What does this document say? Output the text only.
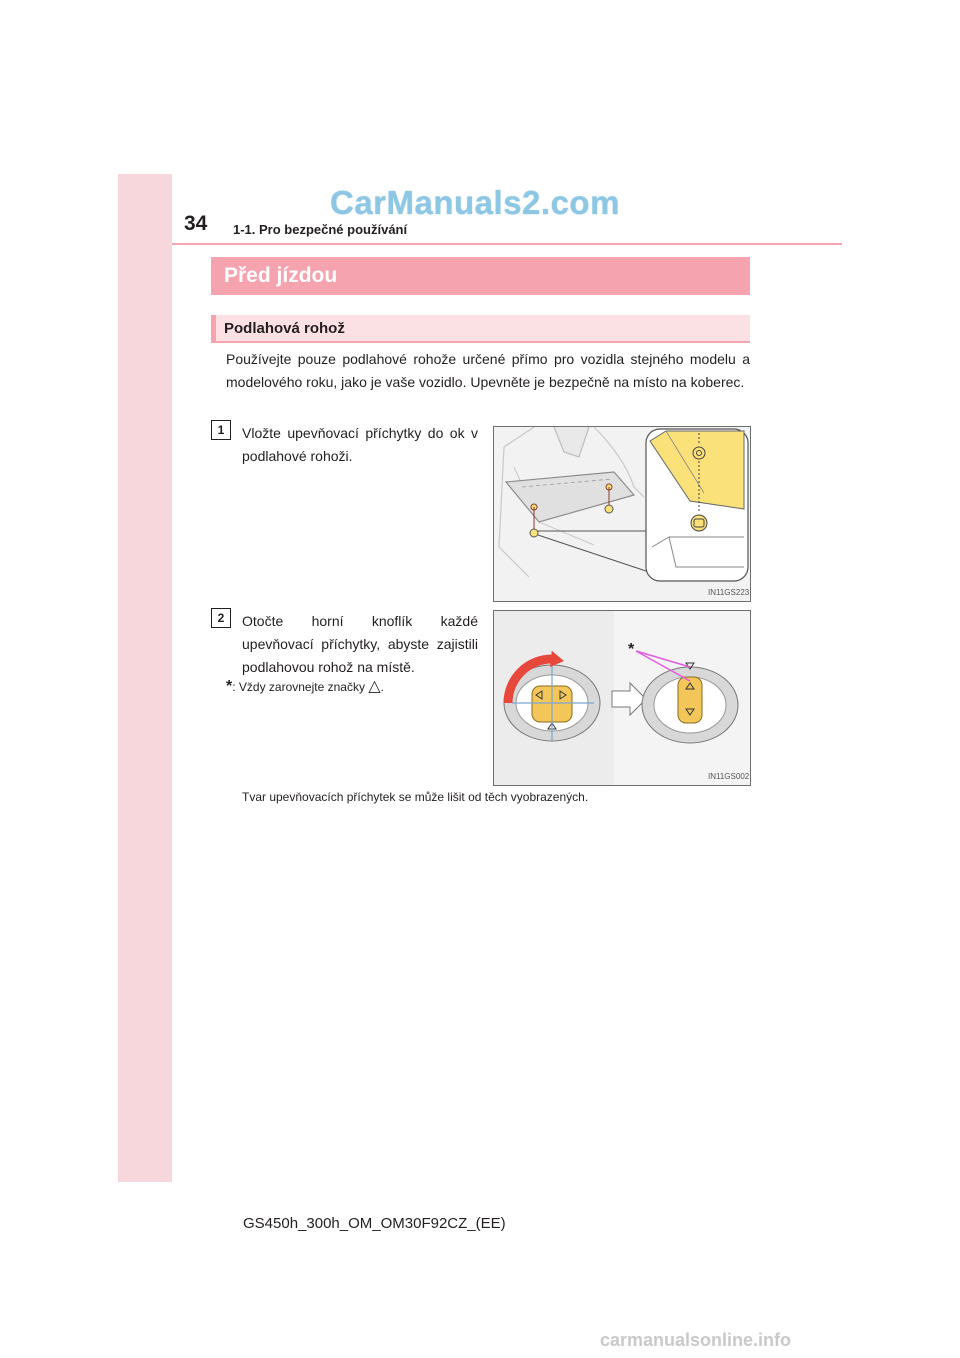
34 1-1. Pro bezpečné používání
CarManuals2.com
Před jízdou
Podlahová rohož
Používejte pouze podlahové rohože určené přímo pro vozidla stejného modelu a modelového roku, jako je vaše vozidlo. Upevněte je bezpečně na místo na koberec.
1	Vložte upevňovací příchytky do ok v podlahové rohoži.
IN11GS223
2	Otočte horní knoflík každé upevňovací příchytky, abyste zajistili podlahovou rohož na místě.
*: Vždy zarovnejte značky △.
*
IN11GS002
Tvar upevňovacích příchytek se může lišit od těch vyobrazených.
GS450h_300h_OM_OM30F92CZ_(EE)
carmanualsonline.info
